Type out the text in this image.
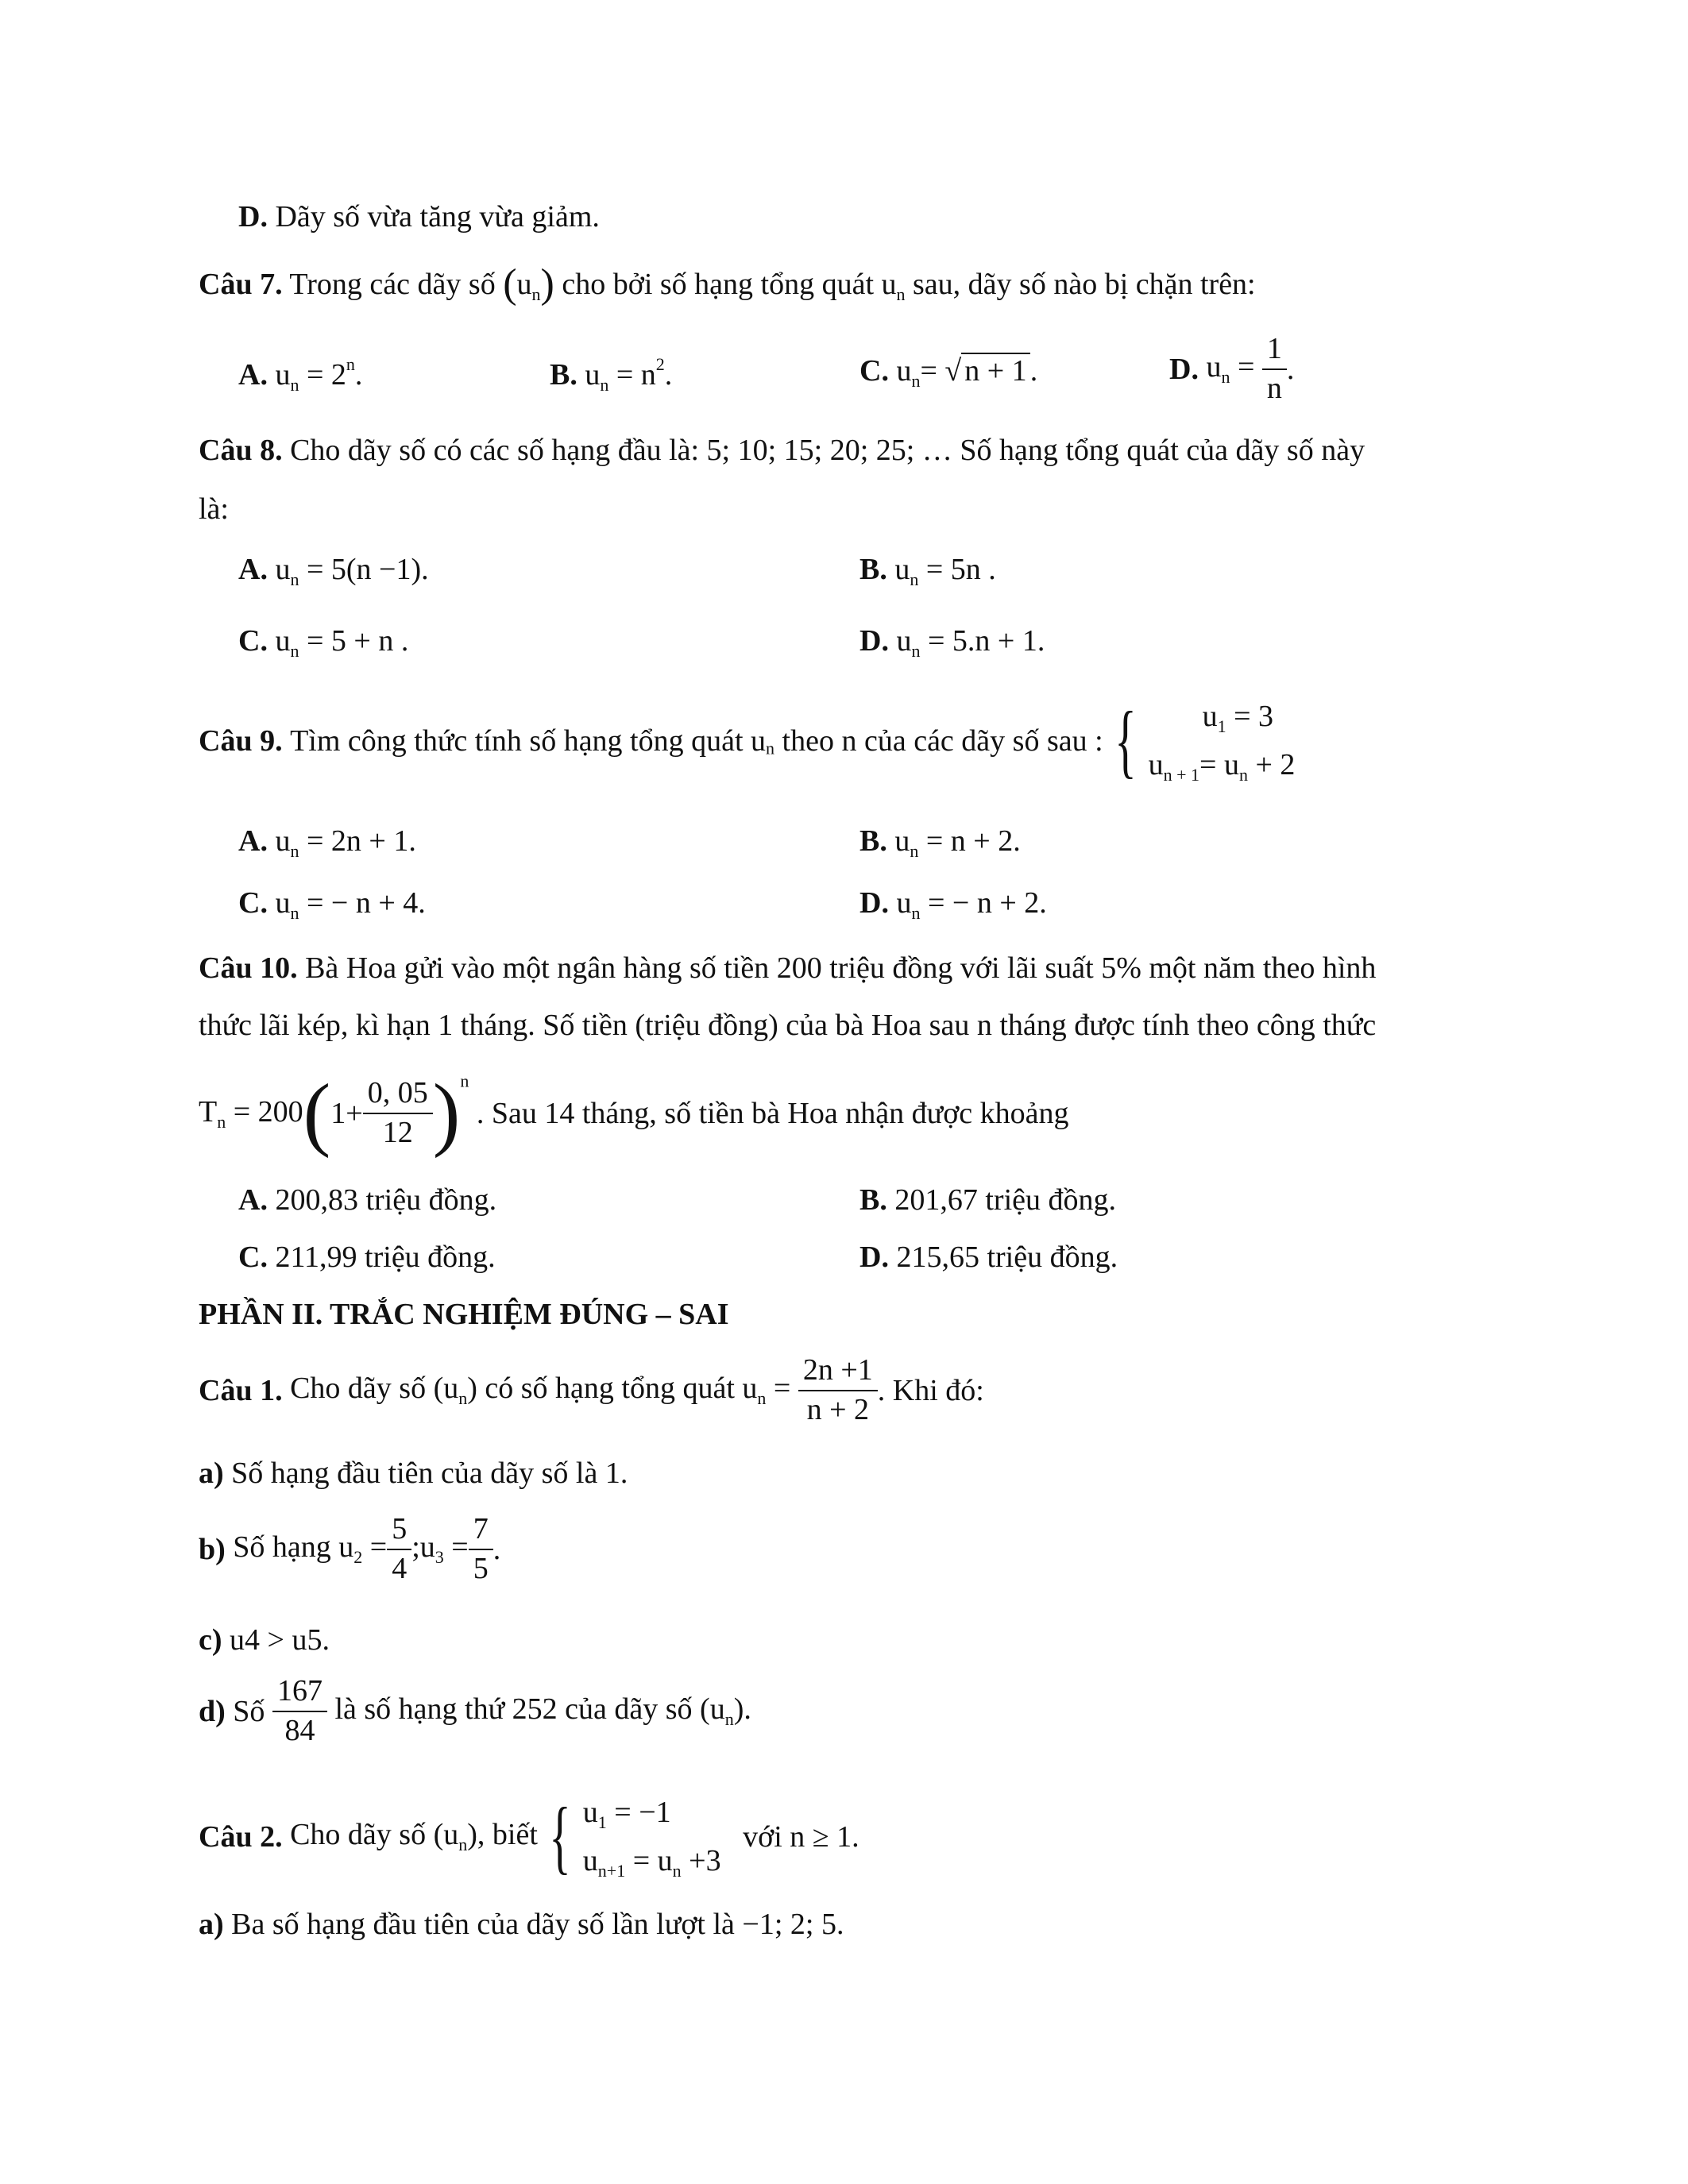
D. Dãy số vừa tăng vừa giảm.
Câu 7. Trong các dãy số $(u_n)$ cho bởi số hạng tổng quát $u_n$ sau, dãy số nào bị chặn trên:
A. $u_n = 2^n$.	B. $u_n = n^2$.	C. $u_n=$ √ n + 1 .	D. $u_n = \frac{1}{n}$ .
Câu 8. Cho dãy số có các số hạng đầu là: 5; 10; 15; 20; 25; … Số hạng tổng quát của dãy số này
là:
A. $u_n = 5(n -1)$.	B. $u_n = 5n$ .
C. $u_n = 5 + n$ .	D. $u_n = 5.n + 1$.
Câu 9. Tìm công thức tính số hạng tổng quát $u_n$ theo n của các dãy số sau : {	$u_1 = 3$
$u_{n + 1}= u_n + 2$
A. $u_n = 2n + 1$.	B. $u_n = n + 2$.
C. $u_n$ = − n + 4.	D. $u_n$ = − n + 2.
Câu 10. Bà Hoa gửi vào một ngân hàng số tiền 200 triệu đồng với lãi suất 5% một năm theo hình
thức lãi kép, kì hạn 1 tháng. Số tiền (triệu đồng) của bà Hoa sau n tháng được tính theo công thức
$T_n = 200(1+ \frac{0, 05}{12} )^n$ . Sau 14 tháng, số tiền bà Hoa nhận được khoảng
A. 200,83 triệu đồng.	B. 201,67 triệu đồng.
C. 211,99 triệu đồng.	D. 215,65 triệu đồng.
PHẦN II. TRẮC NGHIỆM ĐÚNG – SAI
Câu 1. Cho dãy số $(u_n)$ có số hạng tổng quát $u_n = \frac{2n +1}{n + 2}$ . Khi đó:
a) Số hạng đầu tiên của dãy số là 1.
b) Số hạng $u_2 = \frac{5}{4}$ $;u_3 = \frac{7}{5}$ .
c) u4 > u5.
d) Số $\frac{167}{84}$ là số hạng thứ 252 của dãy số $(u_n)$.
Câu 2. Cho dãy số $(u_n)$, biết { $u_1 = -1$
$u_{n+1} = u_n +3$
với n ≥ 1.
a) Ba số hạng đầu tiên của dãy số lần lượt là −1; 2; 5.
